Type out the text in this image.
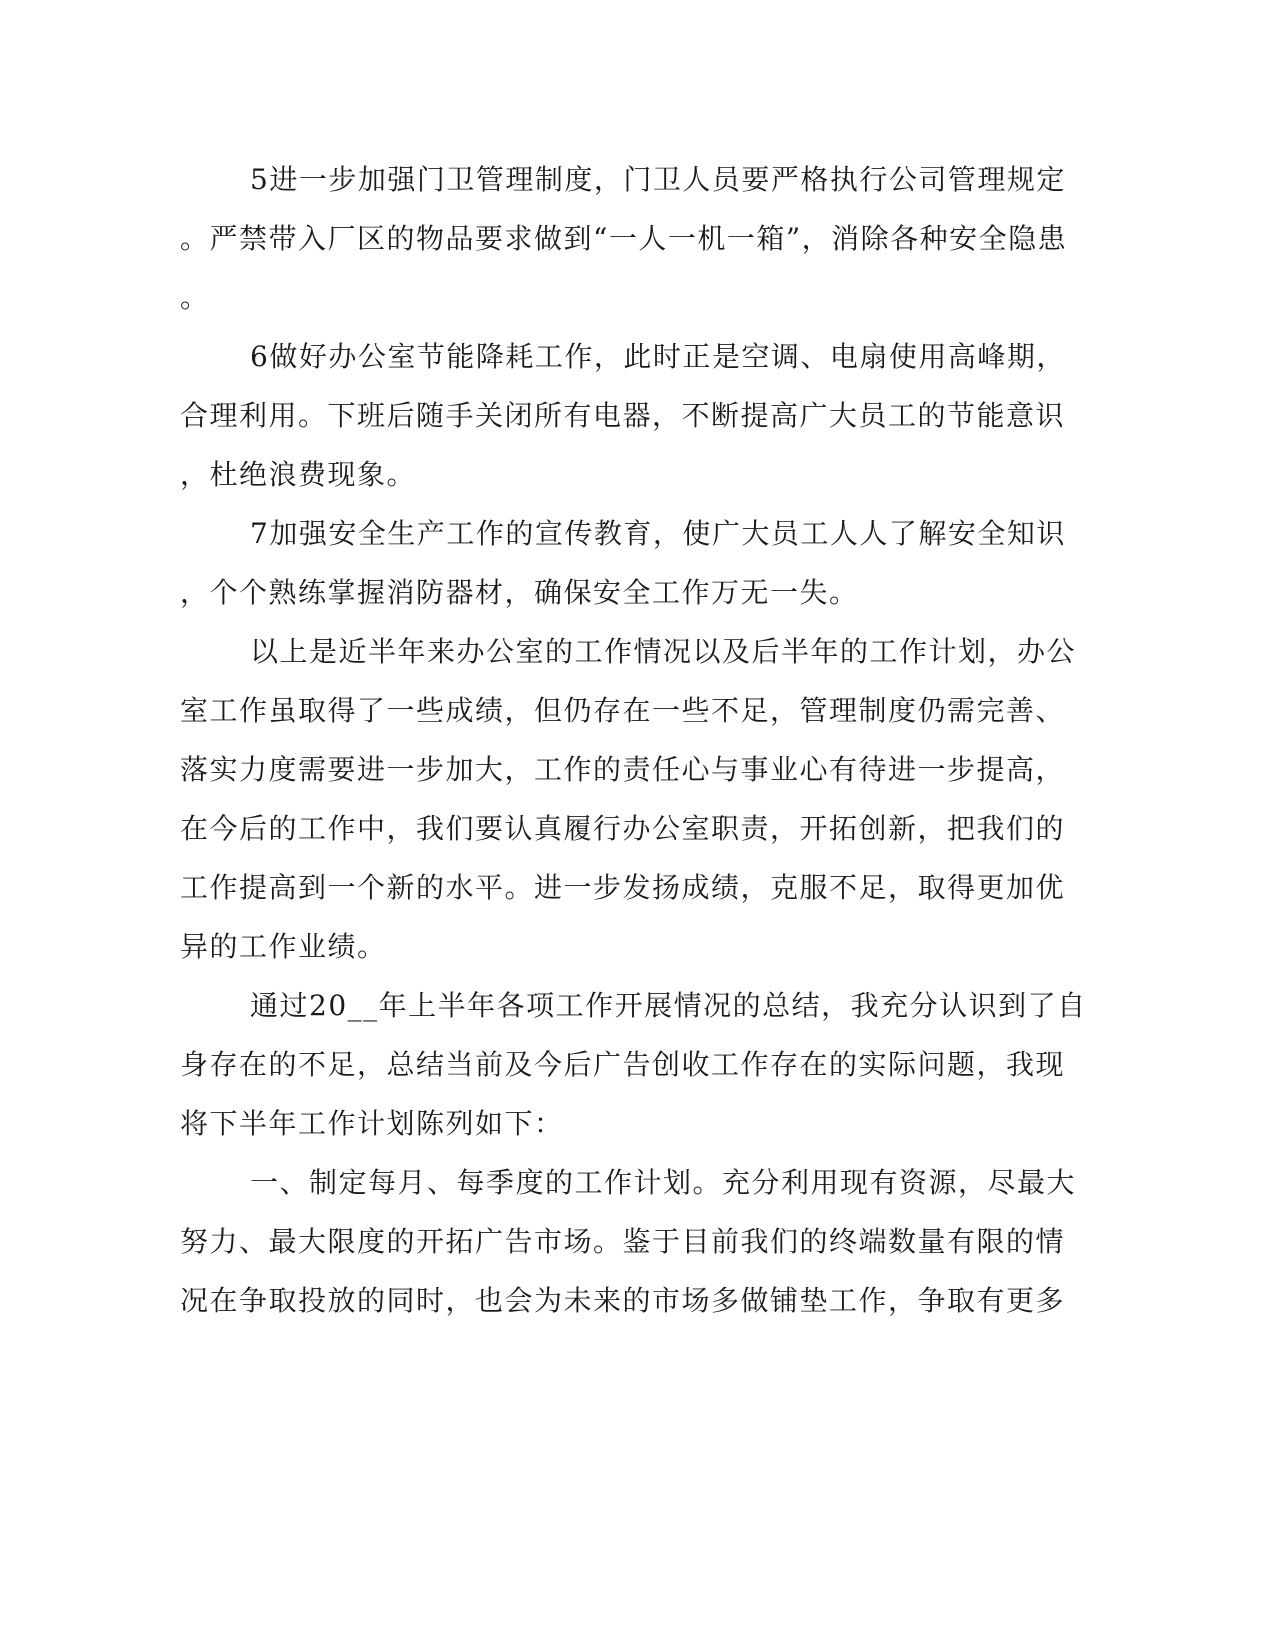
5进一步加强门卫管理制度，门卫人员要严格执行公司管理规定
。严禁带入厂区的物品要求做到“一人一机一箱”，消除各种安全隐患
。
6做好办公室节能降耗工作，此时正是空调、电扇使用高峰期，
合理利用。下班后随手关闭所有电器，不断提高广大员工的节能意识
，杜绝浪费现象。
7加强安全生产工作的宣传教育，使广大员工人人了解安全知识
，个个熟练掌握消防器材，确保安全工作万无一失。
以上是近半年来办公室的工作情况以及后半年的工作计划，办公
室工作虽取得了一些成绩，但仍存在一些不足，管理制度仍需完善、
落实力度需要进一步加大，工作的责任心与事业心有待进一步提高，
在今后的工作中，我们要认真履行办公室职责，开拓创新，把我们的
工作提高到一个新的水平。进一步发扬成绩，克服不足，取得更加优
异的工作业绩。
通过20__年上半年各项工作开展情况的总结，我充分认识到了自
身存在的不足，总结当前及今后广告创收工作存在的实际问题，我现
将下半年工作计划陈列如下：
一、制定每月、每季度的工作计划。充分利用现有资源，尽最大
努力、最大限度的开拓广告市场。鉴于目前我们的终端数量有限的情
况在争取投放的同时，也会为未来的市场多做铺垫工作，争取有更多
